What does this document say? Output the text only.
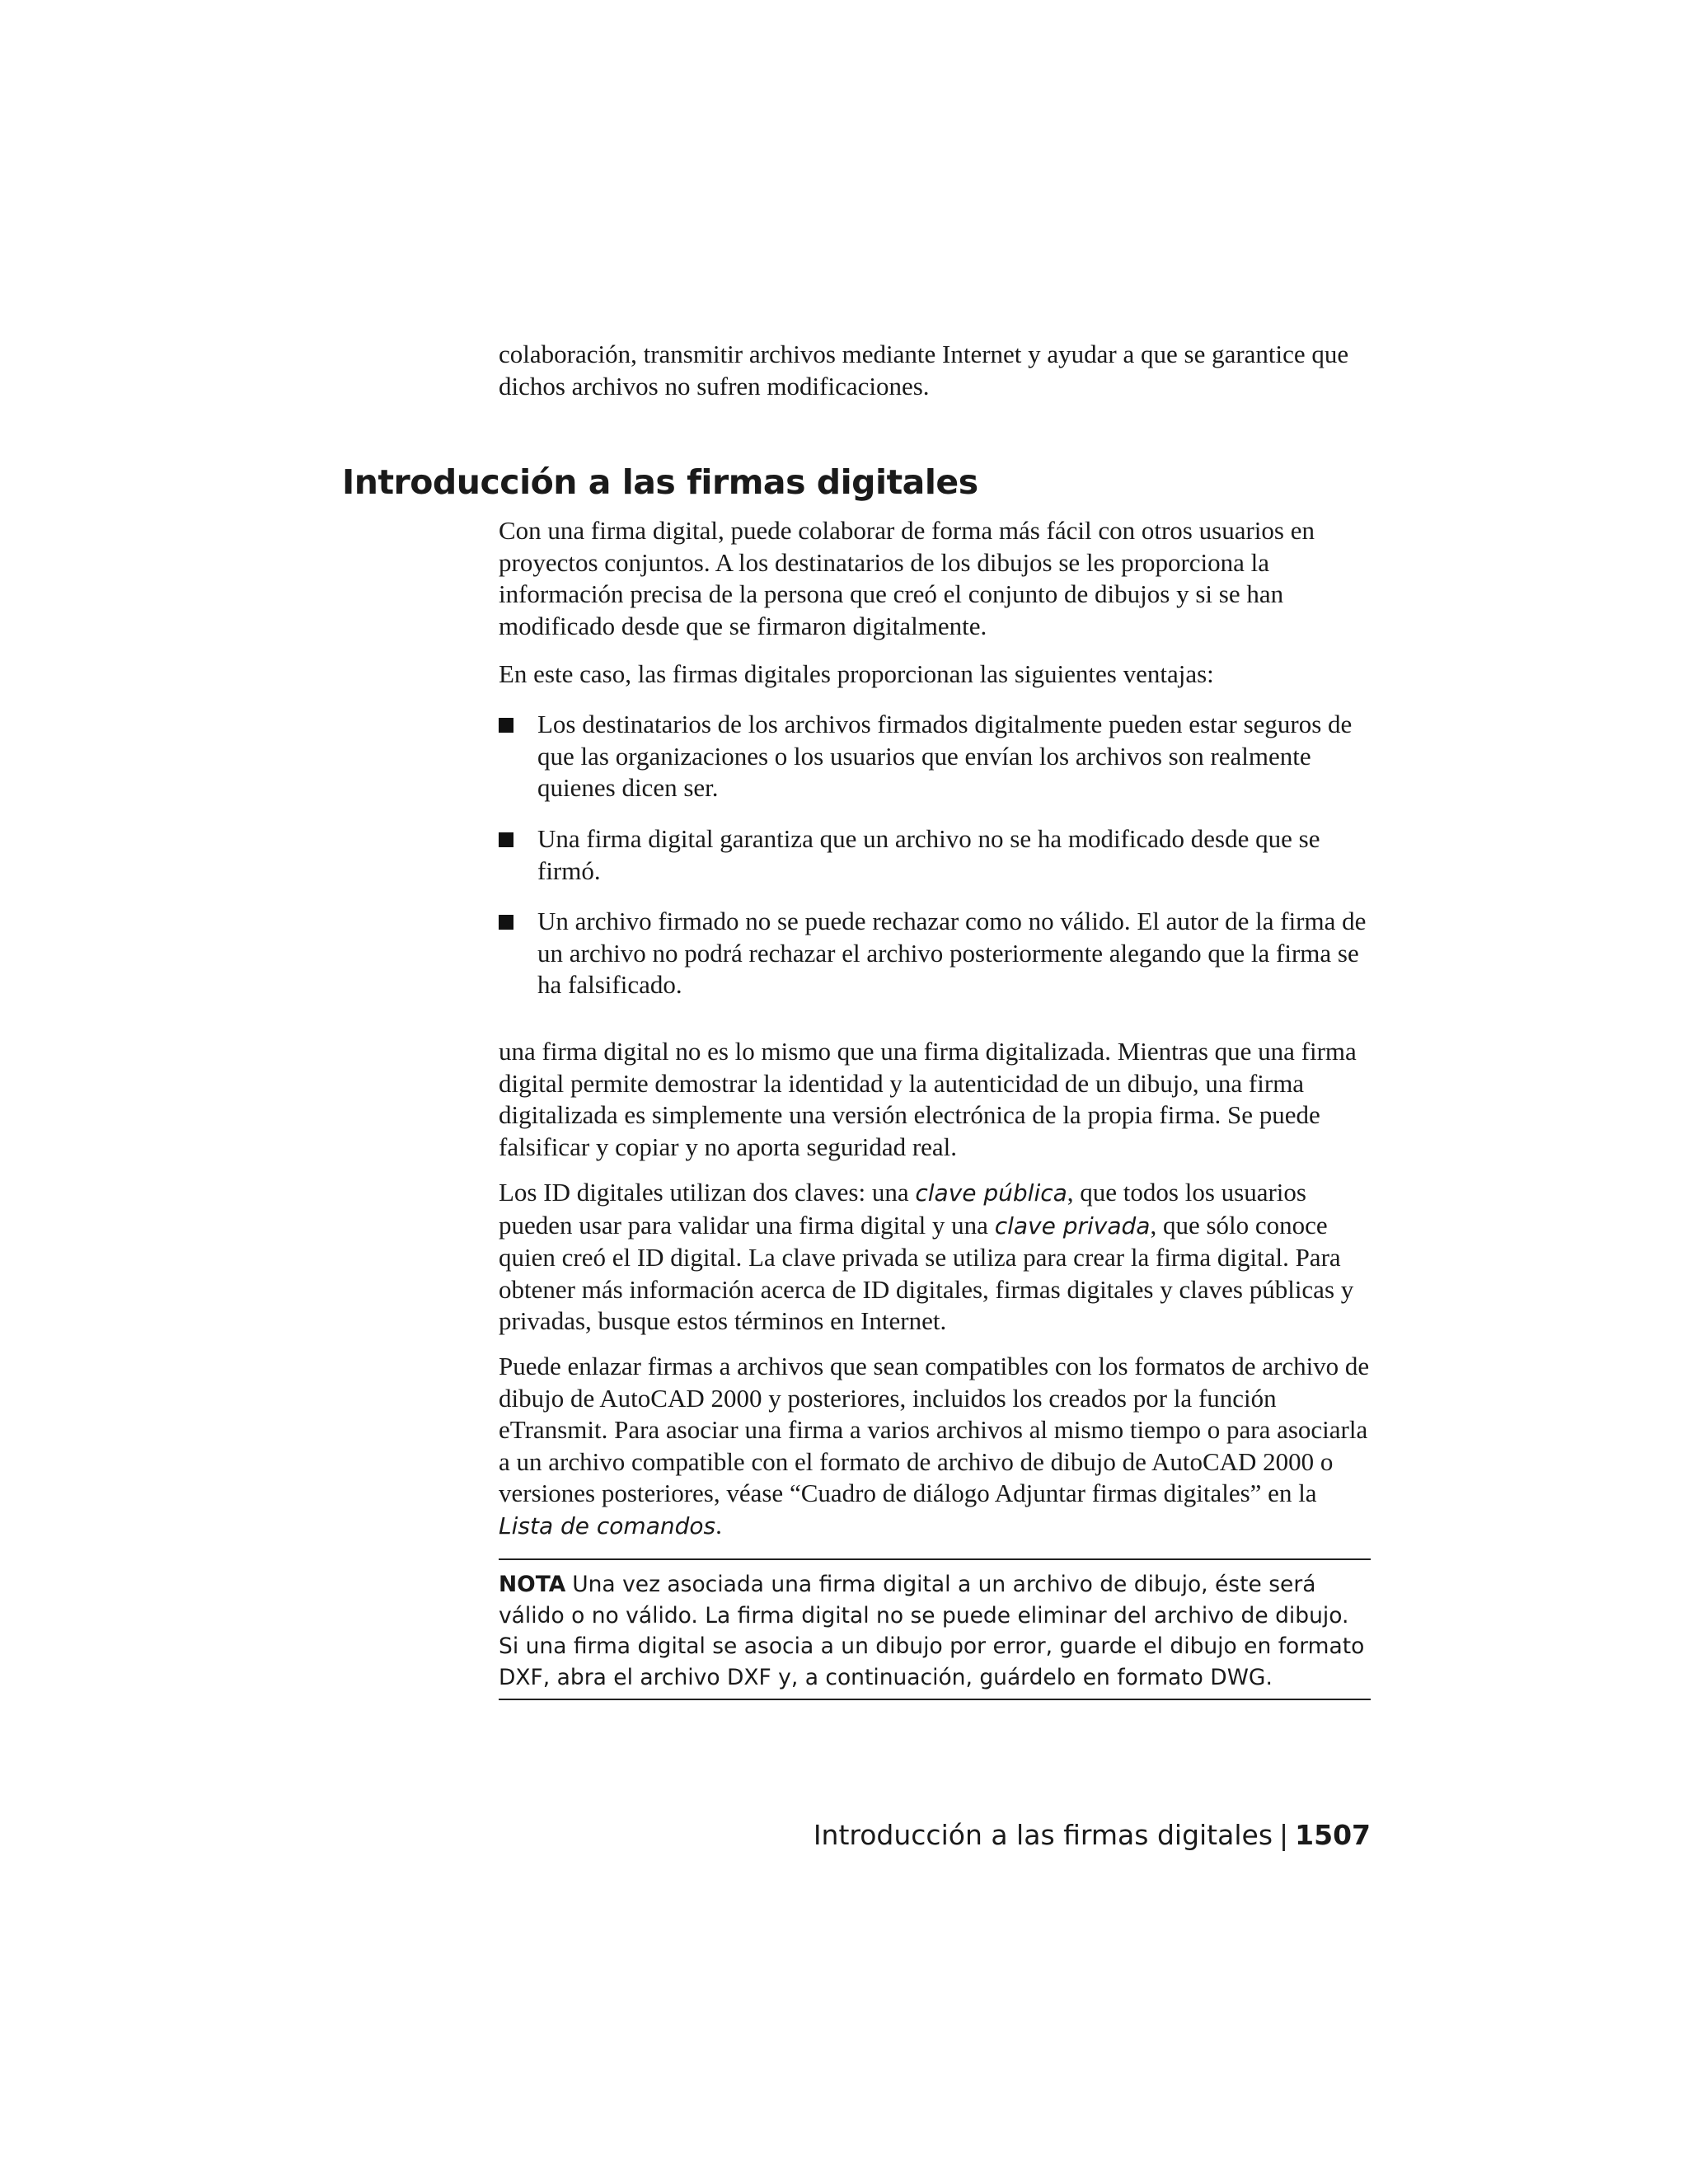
colaboración, transmitir archivos mediante Internet y ayudar a que se garantice que dichos archivos no sufren modificaciones.

Introducción a las firmas digitales

Con una firma digital, puede colaborar de forma más fácil con otros usuarios en proyectos conjuntos. A los destinatarios de los dibujos se les proporciona la información precisa de la persona que creó el conjunto de dibujos y si se han modificado desde que se firmaron digitalmente.

En este caso, las firmas digitales proporcionan las siguientes ventajas:

Los destinatarios de los archivos firmados digitalmente pueden estar seguros de que las organizaciones o los usuarios que envían los archivos son realmente quienes dicen ser.
Una firma digital garantiza que un archivo no se ha modificado desde que se firmó.
Un archivo firmado no se puede rechazar como no válido. El autor de la firma de un archivo no podrá rechazar el archivo posteriormente alegando que la firma se ha falsificado.

una firma digital no es lo mismo que una firma digitalizada. Mientras que una firma digital permite demostrar la identidad y la autenticidad de un dibujo, una firma digitalizada es simplemente una versión electrónica de la propia firma. Se puede falsificar y copiar y no aporta seguridad real.

Los ID digitales utilizan dos claves: una clave pública, que todos los usuarios pueden usar para validar una firma digital y una clave privada, que sólo conoce quien creó el ID digital. La clave privada se utiliza para crear la firma digital. Para obtener más información acerca de ID digitales, firmas digitales y claves públicas y privadas, busque estos términos en Internet.

Puede enlazar firmas a archivos que sean compatibles con los formatos de archivo de dibujo de AutoCAD 2000 y posteriores, incluidos los creados por la función eTransmit. Para asociar una firma a varios archivos al mismo tiempo o para asociarla a un archivo compatible con el formato de archivo de dibujo de AutoCAD 2000 o versiones posteriores, véase “Cuadro de diálogo Adjuntar firmas digitales” en la Lista de comandos.

NOTA Una vez asociada una firma digital a un archivo de dibujo, éste será válido o no válido. La firma digital no se puede eliminar del archivo de dibujo. Si una firma digital se asocia a un dibujo por error, guarde el dibujo en formato DXF, abra el archivo DXF y, a continuación, guárdelo en formato DWG.

Introducción a las firmas digitales | 1507
